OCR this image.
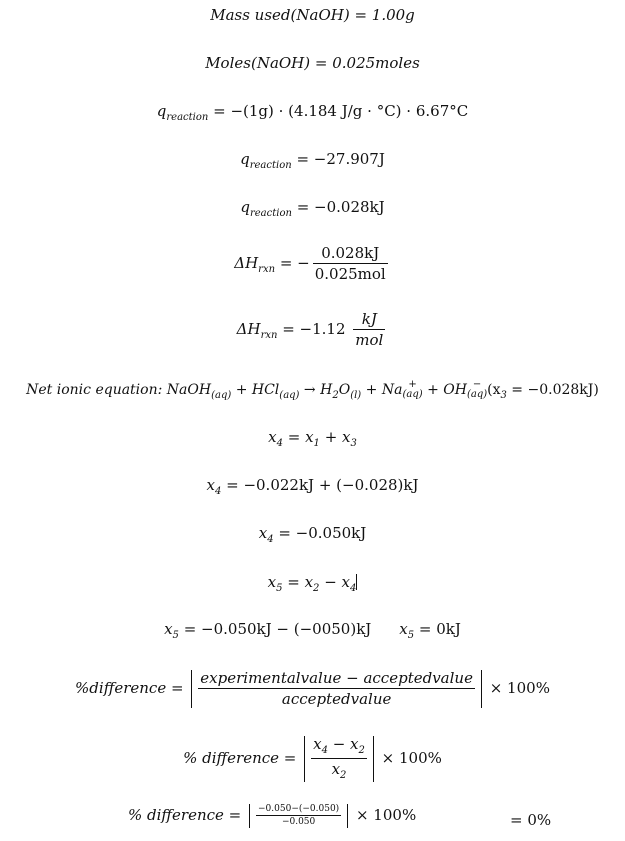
Mass used(NaOH) = 1.00g
Moles(NaOH) = 0.025moles
$q_{reaction} = -(1g) \cdot (4.184$ J/g · °C) · 6.67°C
$q_{reaction} = -27.907J$
$q_{reaction} = -0.028kJ$
$\Delta H_{rxn}$ = − $\frac{0.028kJ}{\text{0.025mol}}$
$\Delta H_{rxn} = -1.12 \frac{kJ}{\text{mol}}$
Net ionic equation: NaOH$_{(aq)}$ + $HCl_{(aq)} \to H_2O_{(l)} + Na$ +
(aq) + OH −
(aq) $(x_3 = -0.028kJ)$
$x_4 = x_1 + x_3$
$x_4 = -0.022kJ + (-0.028)kJ$
$x_4 = -0.050kJ$
$x_5 = x_2 - x_4$
$x_5 = -0.050kJ - (-0050)kJ$ $x_5 = 0kJ$
%difference = $\frac{\text{experimentalvalue − acceptedvalue}}{\text{acceptedvalue}} \times 100\%$
% difference = $\frac{x_4 - x_2}{x_2} \times 100\%$
% difference = $\frac{-0.050-(-0.050)}{-0.050} \times 100\%$	= 0%
